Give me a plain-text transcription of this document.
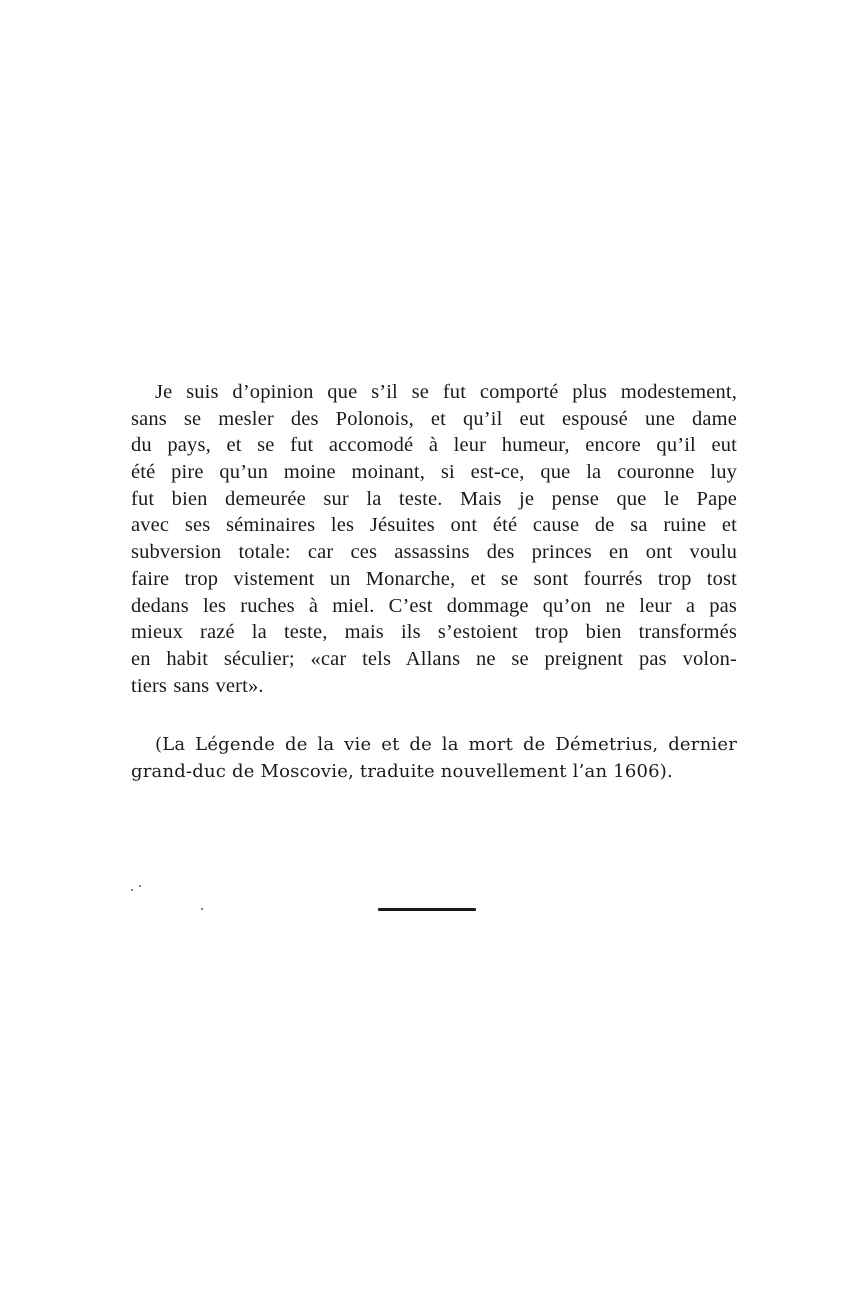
Je suis d’opinion que s’il se fut comporté plus modestement,
sans se mesler des Polonois, et qu’il eut espousé une dame
du pays, et se fut accomodé à leur humeur, encore qu’il eut
été pire qu’un moine moinant, si est-ce, que la couronne luy
fut bien demeurée sur la teste. Mais je pense que le Pape
avec ses séminaires les Jésuites ont été cause de sa ruine et
subversion totale: car ces assassins des princes en ont voulu
faire trop vistement un Monarche, et se sont fourrés trop tost
dedans les ruches à miel. C’est dommage qu’on ne leur a pas
mieux razé la teste, mais ils s’estoient trop bien transformés
en habit séculier; «car tels Allans ne se preignent pas volon-
tiers sans vert».
(La Légende de la vie et de la mort de Démetrius, dernier
grand-duc de Moscovie, traduite nouvellement l’an 1606).
